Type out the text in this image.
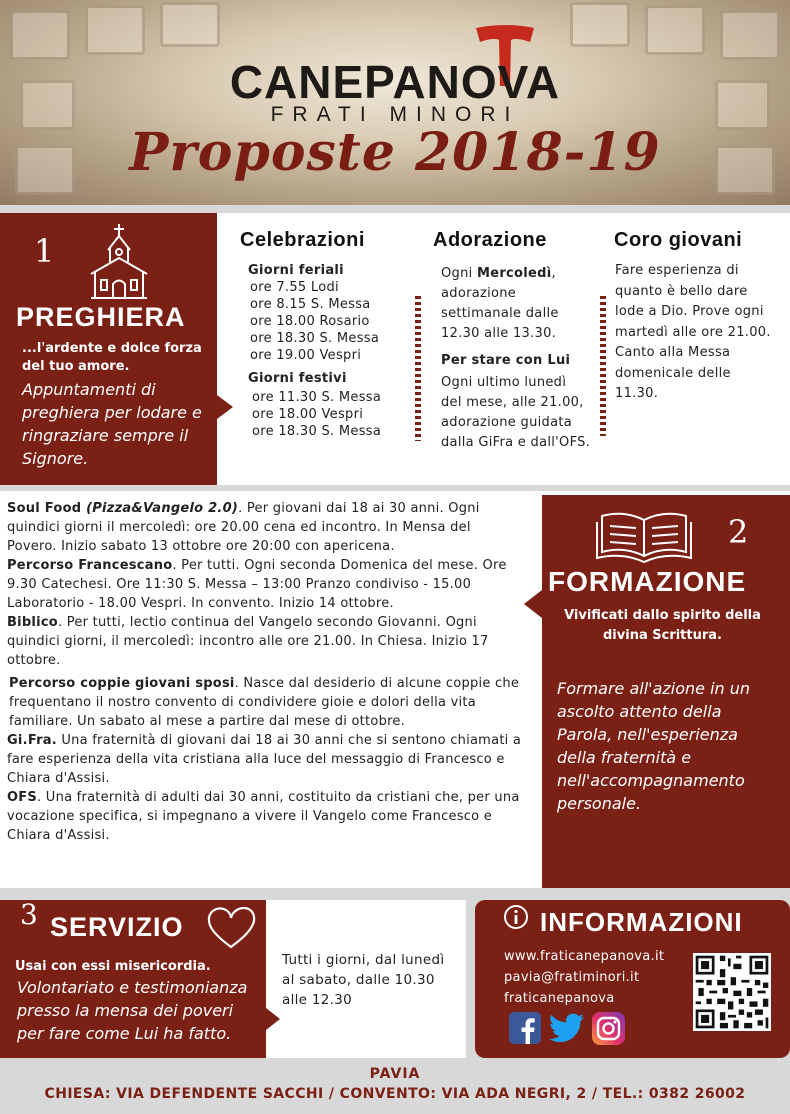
CANEPANOVA
FRATI MINORI
Proposte 2018-19
1
PREGHIERA
...l'ardente e dolce forza del tuo amore.
Appuntamenti di preghiera per lodare e ringraziare sempre il Signore.
Celebrazioni
Giorni feriali
ore 7.55 Lodi
ore 8.15 S. Messa
ore 18.00 Rosario
ore 18.30 S. Messa
ore 19.00 Vespri
Giorni festivi
ore 11.30 S. Messa
ore 18.00 Vespri
ore 18.30 S. Messa
Adorazione
Ogni Mercoledì, adorazione settimanale dalle 12.30 alle 13.30.
Per stare con Lui
Ogni ultimo lunedì del mese, alle 21.00, adorazione guidata dalla GiFra e dall'OFS.
Coro giovani
Fare esperienza di quanto è bello dare lode a Dio. Prove ogni martedì alle ore 21.00. Canto alla Messa domenicale delle 11.30.
Soul Food (Pizza&Vangelo 2.0). Per giovani dai 18 ai 30 anni. Ogni quindici giorni il mercoledì: ore 20.00 cena ed incontro. In Mensa del Povero. Inizio sabato 13 ottobre ore 20:00 con apericena.
Percorso Francescano. Per tutti. Ogni seconda Domenica del mese. Ore 9.30 Catechesi. Ore 11:30 S. Messa – 13:00 Pranzo condiviso - 15.00 Laboratorio - 18.00 Vespri. In convento. Inizio 14 ottobre.
Biblico. Per tutti, lectio continua del Vangelo secondo Giovanni. Ogni quindici giorni, il mercoledì: incontro alle ore 21.00. In Chiesa. Inizio 17 ottobre.
Percorso coppie giovani sposi. Nasce dal desiderio di alcune coppie che frequentano il nostro convento di condividere gioie e dolori della vita familiare. Un sabato al mese a partire dal mese di ottobre.
Gi.Fra. Una fraternità di giovani dai 18 ai 30 anni che si sentono chiamati a fare esperienza della vita cristiana alla luce del messaggio di Francesco e Chiara d'Assisi.
OFS. Una fraternità di adulti dai 30 anni, costituito da cristiani che, per una vocazione specifica, si impegnano a vivere il Vangelo come Francesco e Chiara d'Assisi.
2
FORMAZIONE
Vivificati dallo spirito della divina Scrittura.
Formare all'azione in un ascolto attento della Parola, nell'esperienza della fraternità e nell'accompagnamento personale.
3 SERVIZIO
Usai con essi misericordia.
Volontariato e testimonianza presso la mensa dei poveri per fare come Lui ha fatto.
Tutti i giorni, dal lunedì al sabato, dalle 10.30 alle 12.30
INFORMAZIONI
www.fraticanepanova.it
pavia@fratiminori.it
fraticanepanova
PAVIA
CHIESA: VIA DEFENDENTE SACCHI / CONVENTO: VIA ADA NEGRI, 2 / TEL.: 0382 26002
